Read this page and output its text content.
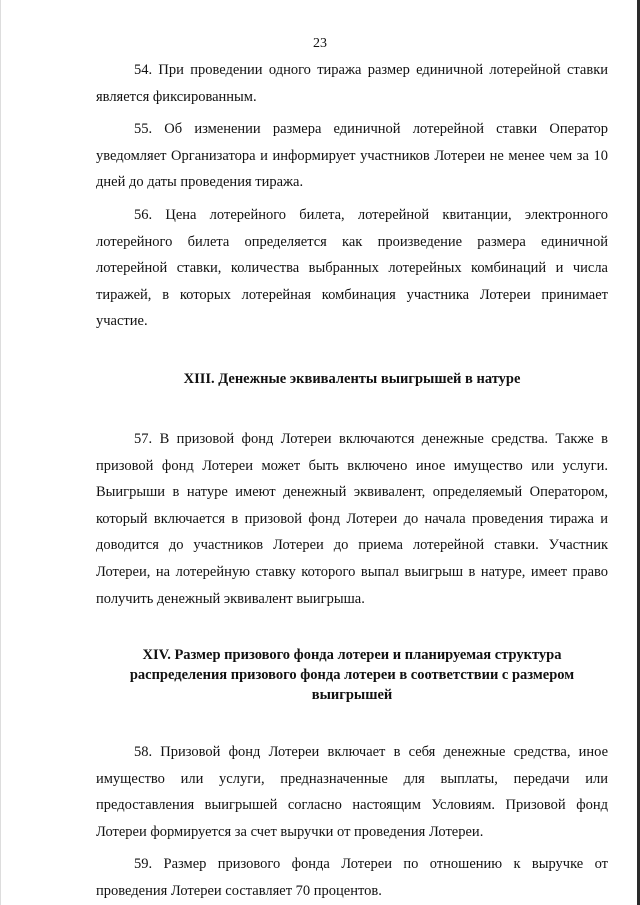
23

54. При проведении одного тиража размер единичной лотерейной ставки является фиксированным.

55. Об изменении размера единичной лотерейной ставки Оператор уведомляет Организатора и информирует участников Лотереи не менее чем за 10 дней до даты проведения тиража.

56. Цена лотерейного билета, лотерейной квитанции, электронного лотерейного билета определяется как произведение размера единичной лотерейной ставки, количества выбранных лотерейных комбинаций и числа тиражей, в которых лотерейная комбинация участника Лотереи принимает участие.

XIII. Денежные эквиваленты выигрышей в натуре

57. В призовой фонд Лотереи включаются денежные средства. Также в призовой фонд Лотереи может быть включено иное имущество или услуги. Выигрыши в натуре имеют денежный эквивалент, определяемый Оператором, который включается в призовой фонд Лотереи до начала проведения тиража и доводится до участников Лотереи до приема лотерейной ставки. Участник Лотереи, на лотерейную ставку которого выпал выигрыш в натуре, имеет право получить денежный эквивалент выигрыша.

XIV. Размер призового фонда лотереи и планируемая структура
распределения призового фонда лотереи в соответствии с размером
выигрышей

58. Призовой фонд Лотереи включает в себя денежные средства, иное имущество или услуги, предназначенные для выплаты, передачи или предоставления выигрышей согласно настоящим Условиям. Призовой фонд Лотереи формируется за счет выручки от проведения Лотереи.

59. Размер призового фонда Лотереи по отношению к выручке от проведения Лотереи составляет 70 процентов.
